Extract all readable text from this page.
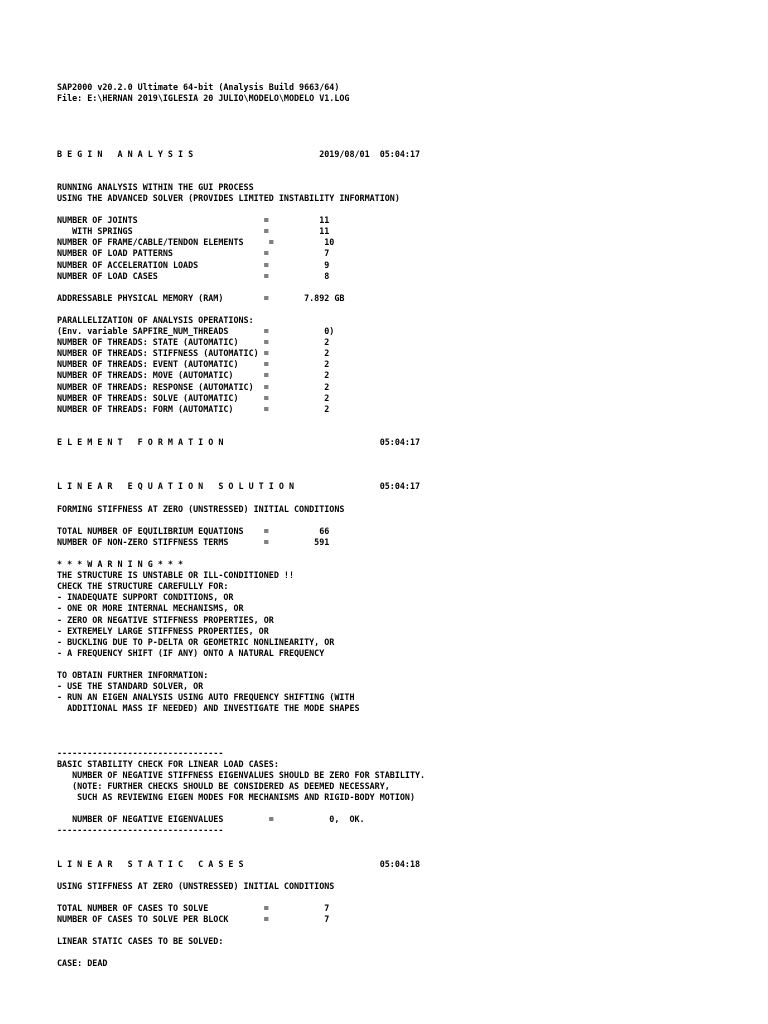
SAP2000 v20.2.0 Ultimate 64-bit (Analysis Build 9663/64)
File: E:\HERNAN 2019\IGLESIA 20 JULIO\MODELO\MODELO V1.LOG
B E G I N   A N A L Y S I S                         2019/08/01  05:04:17
RUNNING ANALYSIS WITHIN THE GUI PROCESS
USING THE ADVANCED SOLVER (PROVIDES LIMITED INSTABILITY INFORMATION)
NUMBER OF JOINTS                         =          11
WITH SPRINGS                          =          11
NUMBER OF FRAME/CABLE/TENDON ELEMENTS     =          10
NUMBER OF LOAD PATTERNS                  =           7
NUMBER OF ACCELERATION LOADS             =           9
NUMBER OF LOAD CASES                     =           8
ADDRESSABLE PHYSICAL MEMORY (RAM)        =       7.892 GB
PARALLELIZATION OF ANALYSIS OPERATIONS:
(Env. variable SAPFIRE_NUM_THREADS       =           0)
NUMBER OF THREADS: STATE (AUTOMATIC)     =           2
NUMBER OF THREADS: STIFFNESS (AUTOMATIC) =           2
NUMBER OF THREADS: EVENT (AUTOMATIC)     =           2
NUMBER OF THREADS: MOVE (AUTOMATIC)      =           2
NUMBER OF THREADS: RESPONSE (AUTOMATIC)  =           2
NUMBER OF THREADS: SOLVE (AUTOMATIC)     =           2
NUMBER OF THREADS: FORM (AUTOMATIC)      =           2
E L E M E N T   F O R M A T I O N                               05:04:17
L I N E A R   E Q U A T I O N   S O L U T I O N                 05:04:17
FORMING STIFFNESS AT ZERO (UNSTRESSED) INITIAL CONDITIONS
TOTAL NUMBER OF EQUILIBRIUM EQUATIONS    =          66
NUMBER OF NON-ZERO STIFFNESS TERMS       =         591
* * * W A R N I N G * * *
THE STRUCTURE IS UNSTABLE OR ILL-CONDITIONED !!
CHECK THE STRUCTURE CAREFULLY FOR:
- INADEQUATE SUPPORT CONDITIONS, OR
- ONE OR MORE INTERNAL MECHANISMS, OR
- ZERO OR NEGATIVE STIFFNESS PROPERTIES, OR
- EXTREMELY LARGE STIFFNESS PROPERTIES, OR
- BUCKLING DUE TO P-DELTA OR GEOMETRIC NONLINEARITY, OR
- A FREQUENCY SHIFT (IF ANY) ONTO A NATURAL FREQUENCY
TO OBTAIN FURTHER INFORMATION:
- USE THE STANDARD SOLVER, OR
- RUN AN EIGEN ANALYSIS USING AUTO FREQUENCY SHIFTING (WITH
ADDITIONAL MASS IF NEEDED) AND INVESTIGATE THE MODE SHAPES
---------------------------------
BASIC STABILITY CHECK FOR LINEAR LOAD CASES:
NUMBER OF NEGATIVE STIFFNESS EIGENVALUES SHOULD BE ZERO FOR STABILITY.
(NOTE: FURTHER CHECKS SHOULD BE CONSIDERED AS DEEMED NECESSARY,
SUCH AS REVIEWING EIGEN MODES FOR MECHANISMS AND RIGID-BODY MOTION)
NUMBER OF NEGATIVE EIGENVALUES         =           0,  OK.
---------------------------------
L I N E A R   S T A T I C   C A S E S                           05:04:18
USING STIFFNESS AT ZERO (UNSTRESSED) INITIAL CONDITIONS
TOTAL NUMBER OF CASES TO SOLVE           =           7
NUMBER OF CASES TO SOLVE PER BLOCK       =           7
LINEAR STATIC CASES TO BE SOLVED:
CASE: DEAD
